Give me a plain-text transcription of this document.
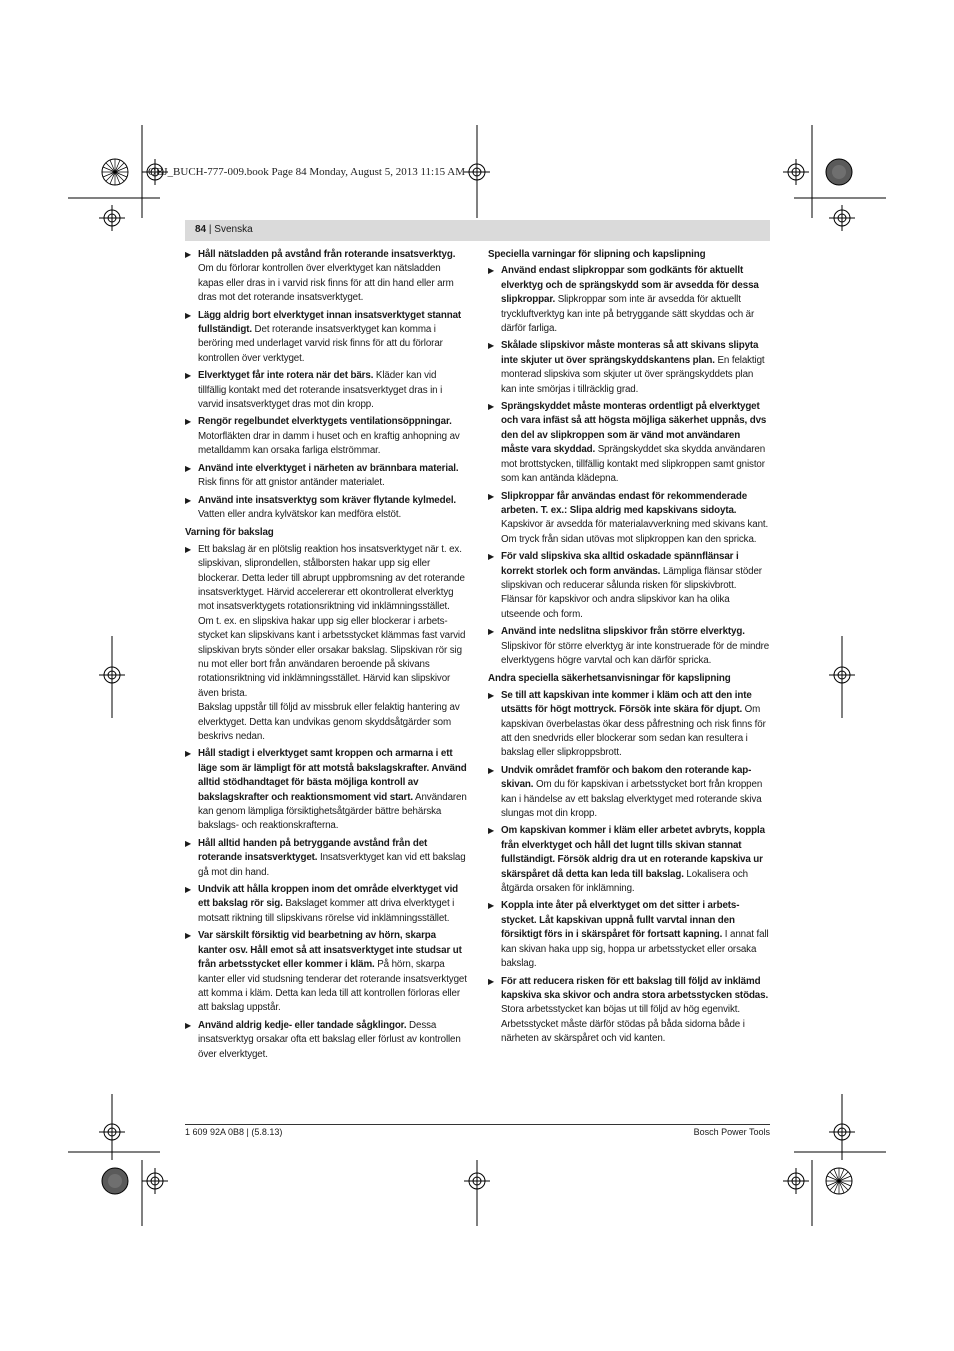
OBJ_BUCH-777-009.book Page 84 Monday, August 5, 2013 11:15 AM
84 | Svenska
▶ Håll nätsladden på avstånd från roterande insatsverktyg. Om du förlorar kontrollen över elverktyget kan nätsladden kapas eller dras in i varvid risk finns för att din hand eller arm dras mot det roterande insatsverktyget.
▶ Lägg aldrig bort elverktyget innan insatsverktyget stannat fullständigt. Det roterande insatsverktyget kan komma i beröring med underlaget varvid risk finns för att du förlorar kontrollen över verktyget.
▶ Elverktyget får inte rotera när det bärs. Kläder kan vid tillfällig kontakt med det roterande insatsverktyget dras in i varvid insatsverktyget dras mot din kropp.
▶ Rengör regelbundet elverktygets ventilationsöppningar. Motorfläkten drar in damm i huset och en kraftig anhopning av metalldamm kan orsaka farliga elströmmar.
▶ Använd inte elverktyget i närheten av brännbara material. Risk finns för att gnistor antänder materialet.
▶ Använd inte insatsverktyg som kräver flytande kylmedel. Vatten eller andra kylvätskor kan medföra elstöt.

Varning för bakslag

▶ Ett bakslag är en plötslig reaktion hos insatsverktyget när t. ex. slipskivan, sliprondellen, stålborsten hakar upp sig eller blockerar. Detta leder till abrupt uppbromsning av det roterande insatsverktyget. Härvid accelererar ett okontrollerat elverktyg mot insatsverktygets rotationsriktning vid inklämningsstället.

Om t. ex. en slipskiva hakar upp sig eller blockerar i arbetsstycket kan slipskivans kant i arbetsstycket klämmas fast varvid slipskivan bryts sönder eller orsakar bakslag. Slipskivan rör sig nu mot eller bort från användaren beroende på skivans rotationsriktning vid inklämningsstället. Härvid kan slipskivor även brista.

Bakslag uppstår till följd av missbruk eller felaktig hantering av elverktyget. Detta kan undvikas genom skyddsåtgärder som beskrivs nedan.

▶ Håll stadigt i elverktyget samt kroppen och armarna i ett läge som är lämpligt för att motstå bakslagskrafter. Använd alltid stödhandtaget för bästa möjliga kontroll av bakslagskrafter och reaktionsmoment vid start. Användaren kan genom lämpliga försiktighetsåtgärder bättre behärska bakslags- och reaktionskrafterna.
▶ Håll alltid handen på betryggande avstånd från det roterande insatsverktyget. Insatsverktyget kan vid ett bakslag gå mot din hand.
▶ Undvik att hålla kroppen inom det område elverktyget vid ett bakslag rör sig. Bakslaget kommer att driva elverktyget i motsatt riktning till slipskivans rörelse vid inklämningsstället.
▶ Var särskilt försiktig vid bearbetning av hörn, skarpa kanter osv. Håll emot så att insatsverktyget inte studsar ut från arbetsstycket eller kommer i kläm. På hörn, skarpa kanter eller vid studsning tenderar det roterande insatsverktyget att komma i kläm. Detta kan leda till att kontrollen förloras eller att bakslag uppstår.
▶ Använd aldrig kedje- eller tandade sågklingor. Dessa insatsverktyg orsakar ofta ett bakslag eller förlust av kontrollen över elverktyget.

Speciella varningar för slipning och kapslipning

▶ Använd endast slipkroppar som godkänts för aktuellt elverktyg och de sprängskydd som är avsedda för dessa slipkroppar. Slipkroppar som inte är avsedda för aktuellt tryckluftverktyg kan inte på betryggande sätt skyddas och är därför farliga.
▶ Skålade slipskivor måste monteras så att skivans slipyta inte skjuter ut över sprängskyddskantens plan. En felaktigt monterad slipskiva som skjuter ut över sprängskyddets plan kan inte smörjas i tillräcklig grad.
▶ Sprängskyddet måste monteras ordentligt på elverktyget och vara infäst så att högsta möjliga säkerhet uppnås, dvs den del av slipkroppen som är vänd mot användaren måste vara skyddad. Sprängskyddet ska skydda användaren mot brottstycken, tillfällig kontakt med slipkroppen samt gnistor som kan antända klädерna.
▶ Slipkroppar får användas endast för rekommenderade arbeten. T. ex.: Slipa aldrig med kapskivans sidoyta. Kapskivor är avsedda för materialavverkning med skivans kant. Om tryck från sidan utövas mot slipkroppen kan den spricka.
▶ För vald slipskiva ska alltid oskadade spännflänsar i korrekt storlek och form användas. Lämpliga flänsar stöder slipskivan och reducerar sålunda risken för slipskivbrott. Flänsar för kapskivor och andra slipskivor kan ha olika utseende och form.
▶ Använd inte nedslitna slipskivor från större elverktyg. Slipskivor för större elverktyg är inte konstruerade för de mindre elverktygens högre varvtal och kan därför spricka.

Andra speciella säkerhetsanvisningar för kapslipning

▶ Se till att kapskivan inte kommer i kläm och att den inte utsätts för högt mottryck. Försök inte skära för djupt. Om kapskivan överbelastas ökar dess påfrestning och risk finns för att den snedvrids eller blockerar som sedan kan resultera i bakslag eller slipkroppsbrott.
▶ Undvik området framför och bakom den roterande kapskivan. Om du för kapskivan i arbetsstycket bort från kroppen kan i händelse av ett bakslag elverktyget med roterande skiva slungas mot din kropp.
▶ Om kapskivan kommer i kläm eller arbetet avbryts, koppla från elverktyget och håll det lugnt tills skivan stannat fullständigt. Försök aldrig dra ut en roterande kapskiva ur skärspåret då detta kan leda till bakslag. Lokalisera och åtgärda orsaken för inklämning.
▶ Koppla inte åter på elverktyget om det sitter i arbetsstycket. Låt kapskivan uppnå fullt varvtal innan den försiktigt förs in i skärspåret för fortsatt kapning. I annat fall kan skivan haka upp sig, hoppa ur arbetsstycket eller orsaka bakslag.
▶ För att reducera risken för ett bakslag till följd av inklämd kapskiva ska skivor och andra stora arbetsstycken stödas. Stora arbetsstycket kan böjas ut till följd av hög egenvikt. Arbetsstycket måste därför stödas på båda sidorna både i närheten av skärspåret och vid kanten.
1 609 92A 0B8 | (5.8.13)	Bosch Power Tools
